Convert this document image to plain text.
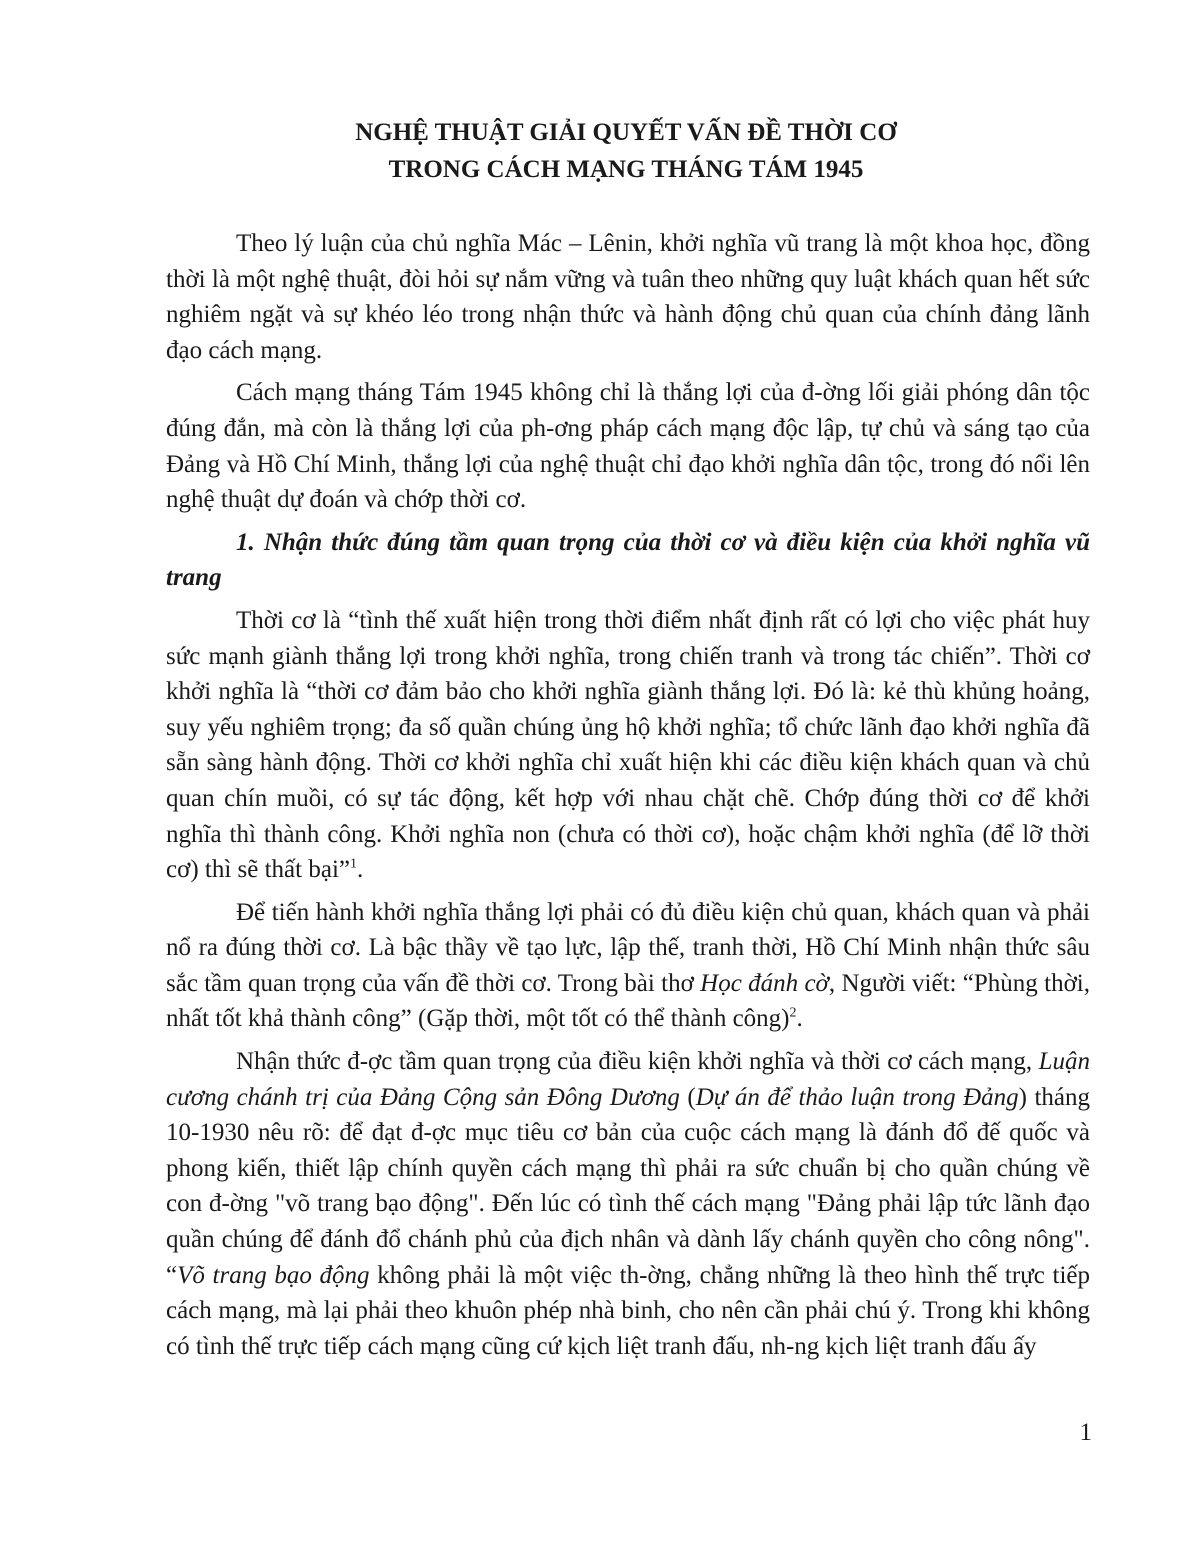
NGHỆ THUẬT GIẢI QUYẾT VẤN ĐỀ THỜI CƠ
TRONG CÁCH MẠNG THÁNG TÁM 1945

Theo lý luận của chủ nghĩa Mác – Lênin, khởi nghĩa vũ trang là một khoa học, đồng thời là một nghệ thuật, đòi hỏi sự nắm vững và tuân theo những quy luật khách quan hết sức nghiêm ngặt và sự khéo léo trong nhận thức và hành động chủ quan của chính đảng lãnh đạo cách mạng.

Cách mạng tháng Tám 1945 không chỉ là thắng lợi của đ-ờng lối giải phóng dân tộc đúng đắn, mà còn là thắng lợi của ph-ơng pháp cách mạng độc lập, tự chủ và sáng tạo của Đảng và Hồ Chí Minh, thắng lợi của nghệ thuật chỉ đạo khởi nghĩa dân tộc, trong đó nổi lên nghệ thuật dự đoán và chớp thời cơ.

1. Nhận thức đúng tầm quan trọng của thời cơ và điều kiện của khởi nghĩa vũ trang

Thời cơ là “tình thế xuất hiện trong thời điểm nhất định rất có lợi cho việc phát huy sức mạnh giành thắng lợi trong khởi nghĩa, trong chiến tranh và trong tác chiến”. Thời cơ khởi nghĩa là “thời cơ đảm bảo cho khởi nghĩa giành thắng lợi. Đó là: kẻ thù khủng hoảng, suy yếu nghiêm trọng; đa số quần chúng ủng hộ khởi nghĩa; tổ chức lãnh đạo khởi nghĩa đã sẵn sàng hành động. Thời cơ khởi nghĩa chỉ xuất hiện khi các điều kiện khách quan và chủ quan chín muồi, có sự tác động, kết hợp với nhau chặt chẽ. Chớp đúng thời cơ để khởi nghĩa thì thành công. Khởi nghĩa non (chưa có thời cơ), hoặc chậm khởi nghĩa (để lỡ thời cơ) thì sẽ thất bại”$^1$.

Để tiến hành khởi nghĩa thắng lợi phải có đủ điều kiện chủ quan, khách quan và phải nổ ra đúng thời cơ. Là bậc thầy về tạo lực, lập thế, tranh thời, Hồ Chí Minh nhận thức sâu sắc tầm quan trọng của vấn đề thời cơ. Trong bài thơ Học đánh cờ, Người viết: “Phùng thời, nhất tốt khả thành công” (Gặp thời, một tốt có thể thành công)$^2$.

Nhận thức đ-ợc tầm quan trọng của điều kiện khởi nghĩa và thời cơ cách mạng, Luận cương chánh trị của Đảng Cộng sản Đông Dương (Dự án để thảo luận trong Đảng) tháng 10-1930 nêu rõ: để đạt đ-ợc mục tiêu cơ bản của cuộc cách mạng là đánh đổ đế quốc và phong kiến, thiết lập chính quyền cách mạng thì phải ra sức chuẩn bị cho quần chúng về con đ-ờng "võ trang bạo động". Đến lúc có tình thế cách mạng "Đảng phải lập tức lãnh đạo quần chúng để đánh đổ chánh phủ của địch nhân và dành lấy chánh quyền cho công nông". “Võ trang bạo động không phải là một việc th-ờng, chẳng những là theo hình thế trực tiếp cách mạng, mà lại phải theo khuôn phép nhà binh, cho nên cần phải chú ý. Trong khi không có tình thế trực tiếp cách mạng cũng cứ kịch liệt tranh đấu, nh-ng kịch liệt tranh đấu ấy

1
